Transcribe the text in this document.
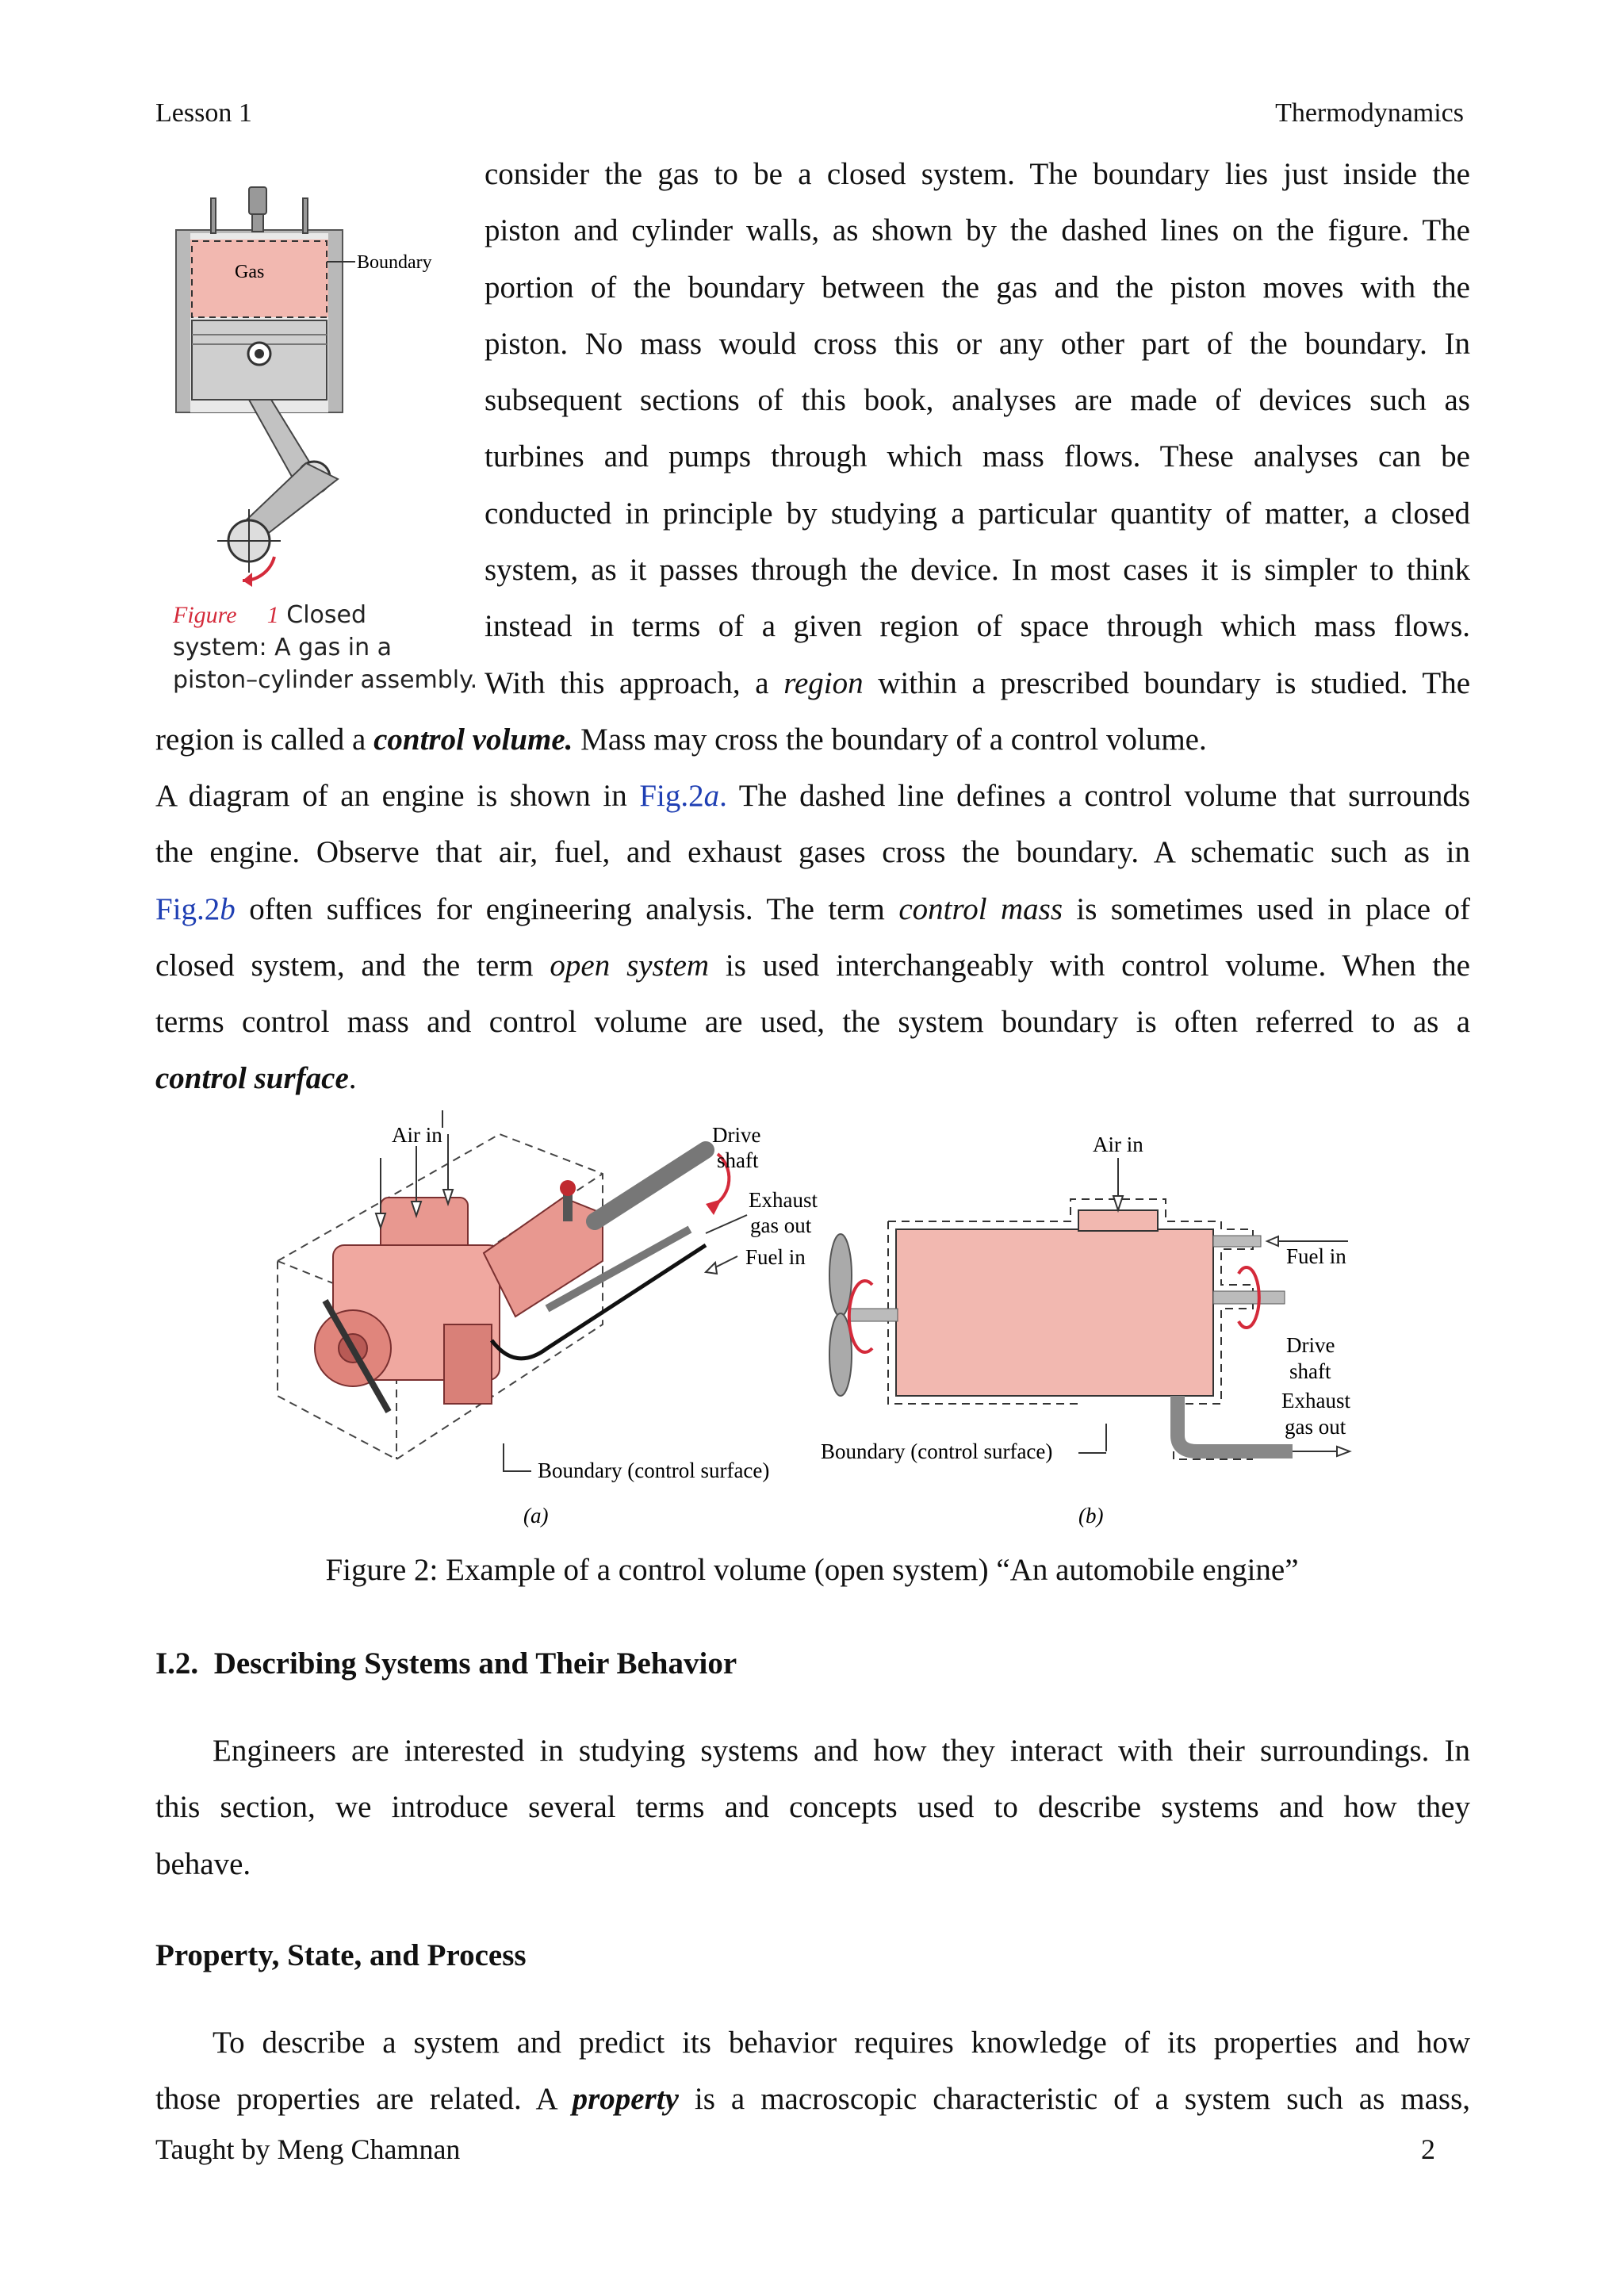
Lesson 1	Thermodynamics
Gas	Boundary
Figure 1 Closed
system: A gas in a
piston–cylinder assembly.
consider the gas to be a closed system. The boundary lies just inside the
piston and cylinder walls, as shown by the dashed lines on the figure. The
portion of the boundary between the gas and the piston moves with the
piston. No mass would cross this or any other part of the boundary. In
subsequent sections of this book, analyses are made of devices such as
turbines and pumps through which mass flows. These analyses can be
conducted in principle by studying a particular quantity of matter, a closed
system, as it passes through the device. In most cases it is simpler to think
instead in terms of a given region of space through which mass flows.
With this approach, a region within a prescribed boundary is studied. The
region is called a control volume. Mass may cross the boundary of a control volume.
A diagram of an engine is shown in Fig.2a. The dashed line defines a control volume that surrounds
the engine. Observe that air, fuel, and exhaust gases cross the boundary. A schematic such as in
Fig.2b often suffices for engineering analysis. The term control mass is sometimes used in place of
closed system, and the term open system is used interchangeably with control volume. When the
terms control mass and control volume are used, the system boundary is often referred to as a
control surface.
Air in	Drive
shaft
Exhaust
gas out
Fuel in
Boundary (control surface)
(a)
Air in
Fuel in
Drive
shaft
Exhaust
gas out
Boundary (control surface)
(b)
Figure 2: Example of a control volume (open system) “An automobile engine”
I.2. Describing Systems and Their Behavior
Engineers are interested in studying systems and how they interact with their surroundings. In
this section, we introduce several terms and concepts used to describe systems and how they
behave.
Property, State, and Process
To describe a system and predict its behavior requires knowledge of its properties and how
those properties are related. A property is a macroscopic characteristic of a system such as mass,
Taught by Meng Chamnan	2
